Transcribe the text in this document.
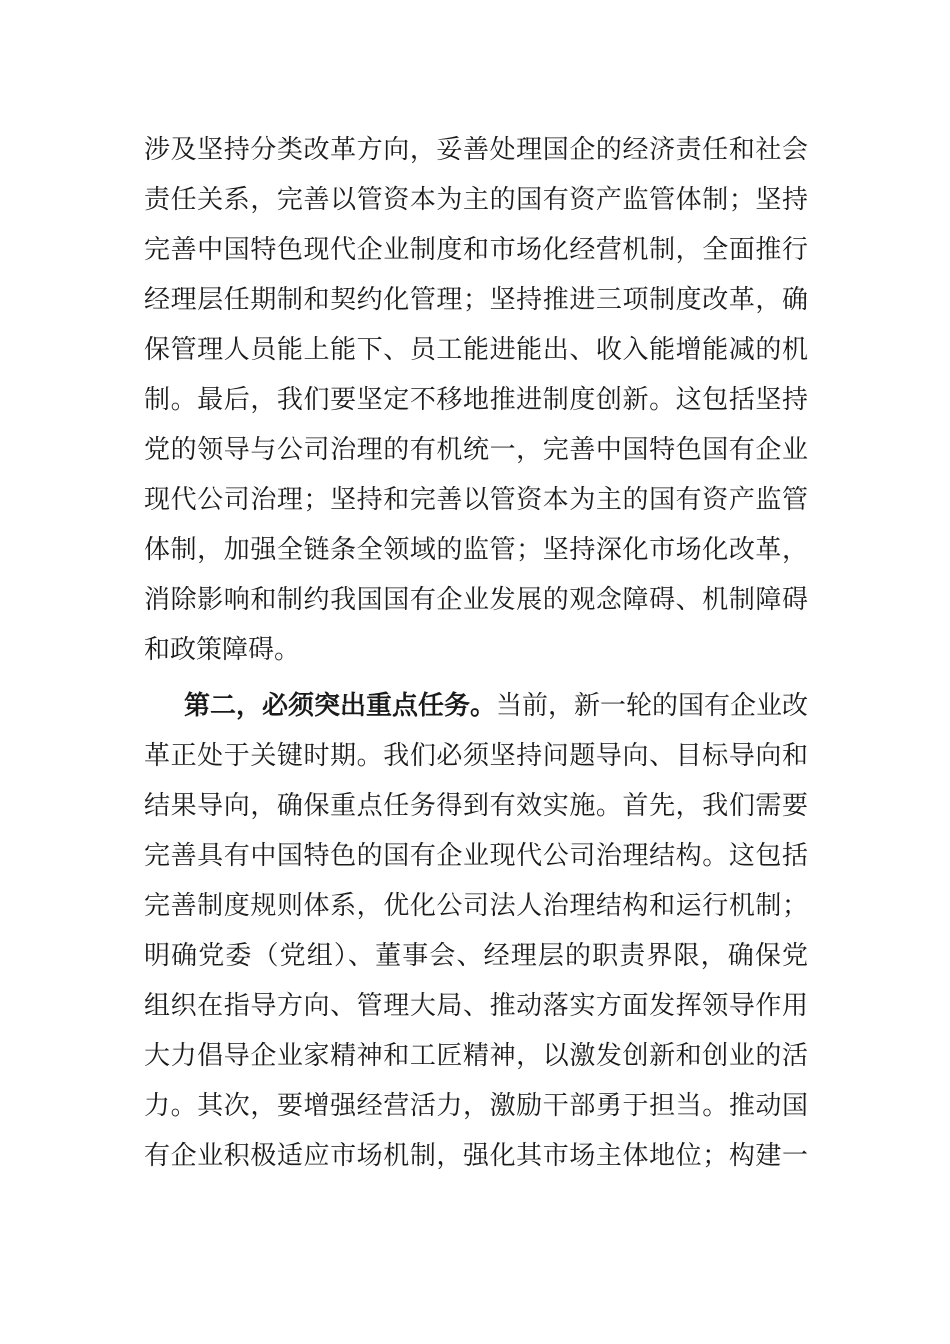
涉及坚持分类改革方向，妥善处理国企的经济责任和社会
责任关系，完善以管资本为主的国有资产监管体制；坚持
完善中国特色现代企业制度和市场化经营机制，全面推行
经理层任期制和契约化管理；坚持推进三项制度改革，确
保管理人员能上能下、员工能进能出、收入能增能减的机
制。最后，我们要坚定不移地推进制度创新。这包括坚持
党的领导与公司治理的有机统一，完善中国特色国有企业
现代公司治理；坚持和完善以管资本为主的国有资产监管
体制，加强全链条全领域的监管；坚持深化市场化改革，
消除影响和制约我国国有企业发展的观念障碍、机制障碍
和政策障碍。
第二，必须突出重点任务。当前，新一轮的国有企业改
革正处于关键时期。我们必须坚持问题导向、目标导向和
结果导向，确保重点任务得到有效实施。首先，我们需要
完善具有中国特色的国有企业现代公司治理结构。这包括
完善制度规则体系，优化公司法人治理结构和运行机制；
明确党委（党组）、董事会、经理层的职责界限，确保党
组织在指导方向、管理大局、推动落实方面发挥领导作用
大力倡导企业家精神和工匠精神，以激发创新和创业的活
力。其次，要增强经营活力，激励干部勇于担当。推动国
有企业积极适应市场机制，强化其市场主体地位；构建一
